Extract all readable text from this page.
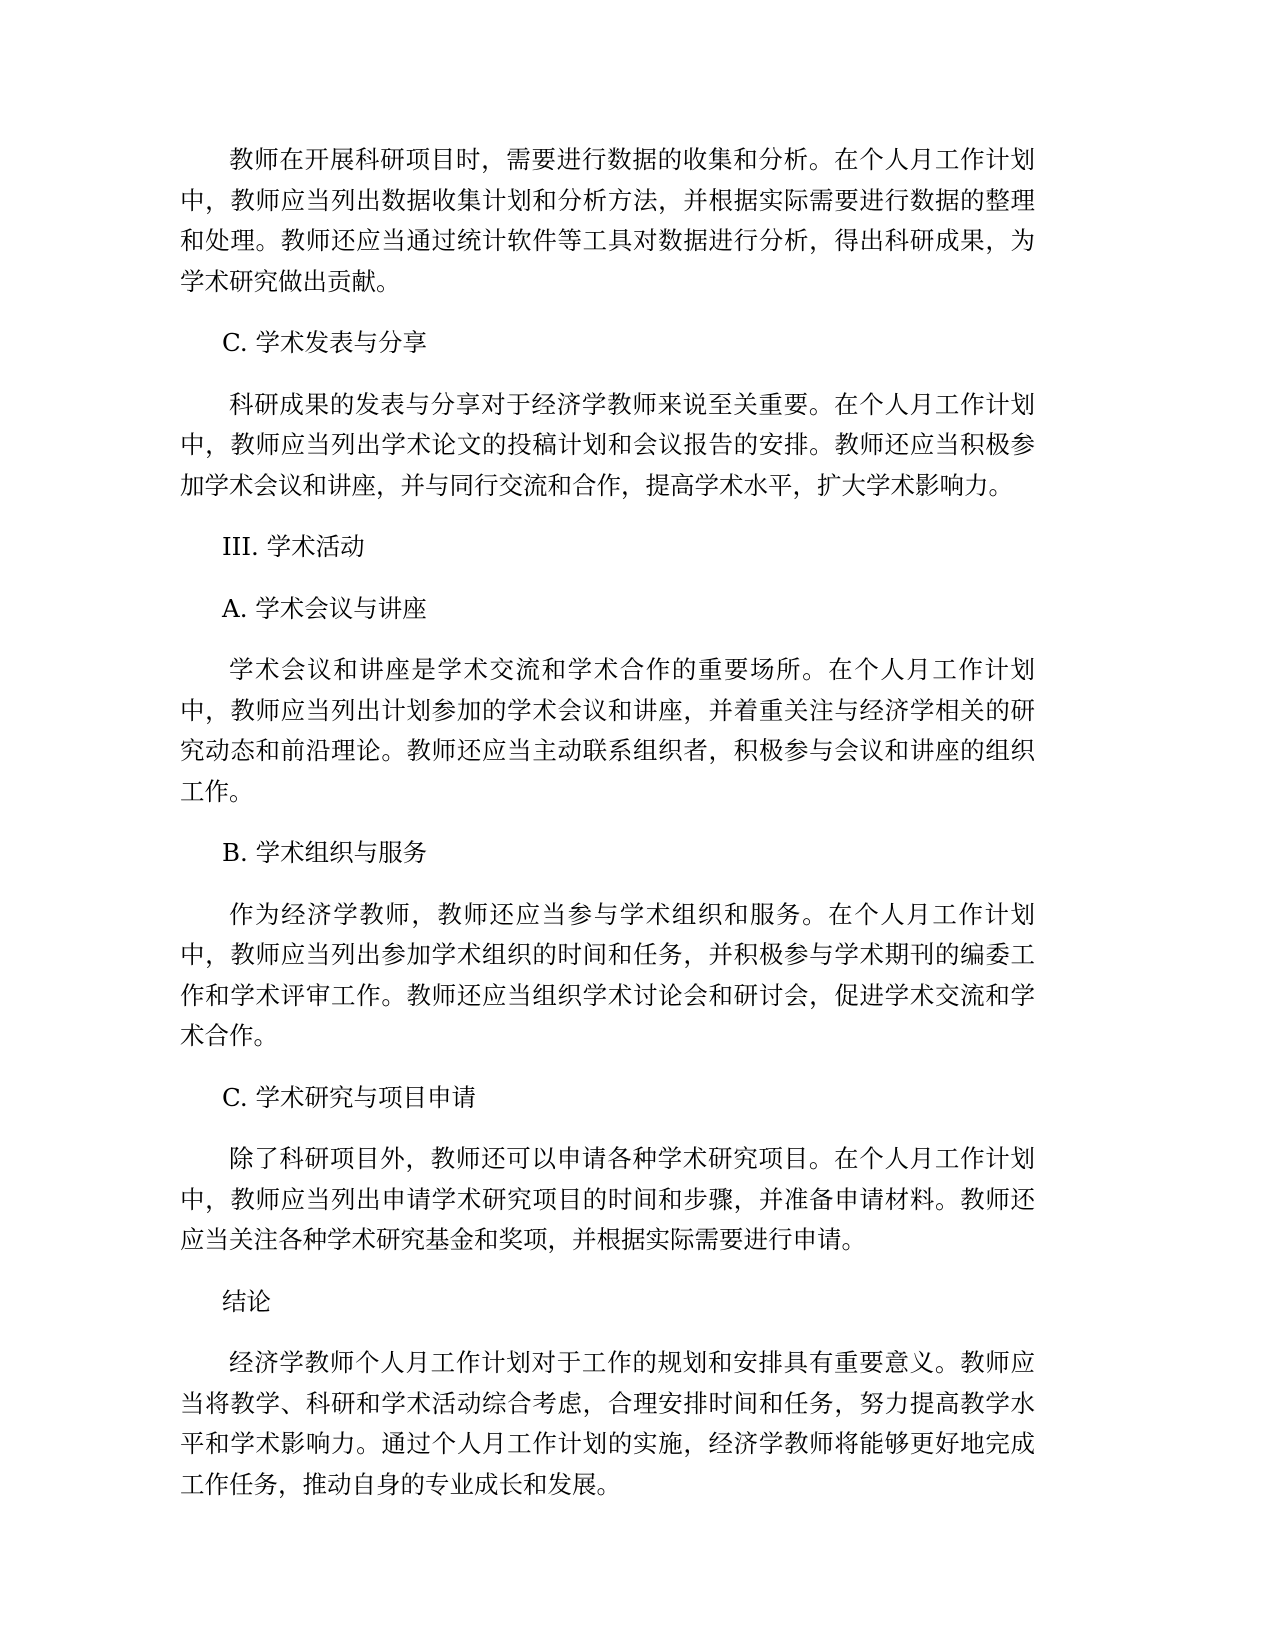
教师在开展科研项目时，需要进行数据的收集和分析。在个人月工作计划中，教师应当列出数据收集计划和分析方法，并根据实际需要进行数据的整理和处理。教师还应当通过统计软件等工具对数据进行分析，得出科研成果，为学术研究做出贡献。

C. 学术发表与分享

科研成果的发表与分享对于经济学教师来说至关重要。在个人月工作计划中，教师应当列出学术论文的投稿计划和会议报告的安排。教师还应当积极参加学术会议和讲座，并与同行交流和合作，提高学术水平，扩大学术影响力。

III. 学术活动

A. 学术会议与讲座

学术会议和讲座是学术交流和学术合作的重要场所。在个人月工作计划中，教师应当列出计划参加的学术会议和讲座，并着重关注与经济学相关的研究动态和前沿理论。教师还应当主动联系组织者，积极参与会议和讲座的组织工作。

B. 学术组织与服务

作为经济学教师，教师还应当参与学术组织和服务。在个人月工作计划中，教师应当列出参加学术组织的时间和任务，并积极参与学术期刊的编委工作和学术评审工作。教师还应当组织学术讨论会和研讨会，促进学术交流和学术合作。

C. 学术研究与项目申请

除了科研项目外，教师还可以申请各种学术研究项目。在个人月工作计划中，教师应当列出申请学术研究项目的时间和步骤，并准备申请材料。教师还应当关注各种学术研究基金和奖项，并根据实际需要进行申请。

结论

经济学教师个人月工作计划对于工作的规划和安排具有重要意义。教师应当将教学、科研和学术活动综合考虑，合理安排时间和任务，努力提高教学水平和学术影响力。通过个人月工作计划的实施，经济学教师将能够更好地完成工作任务，推动自身的专业成长和发展。
